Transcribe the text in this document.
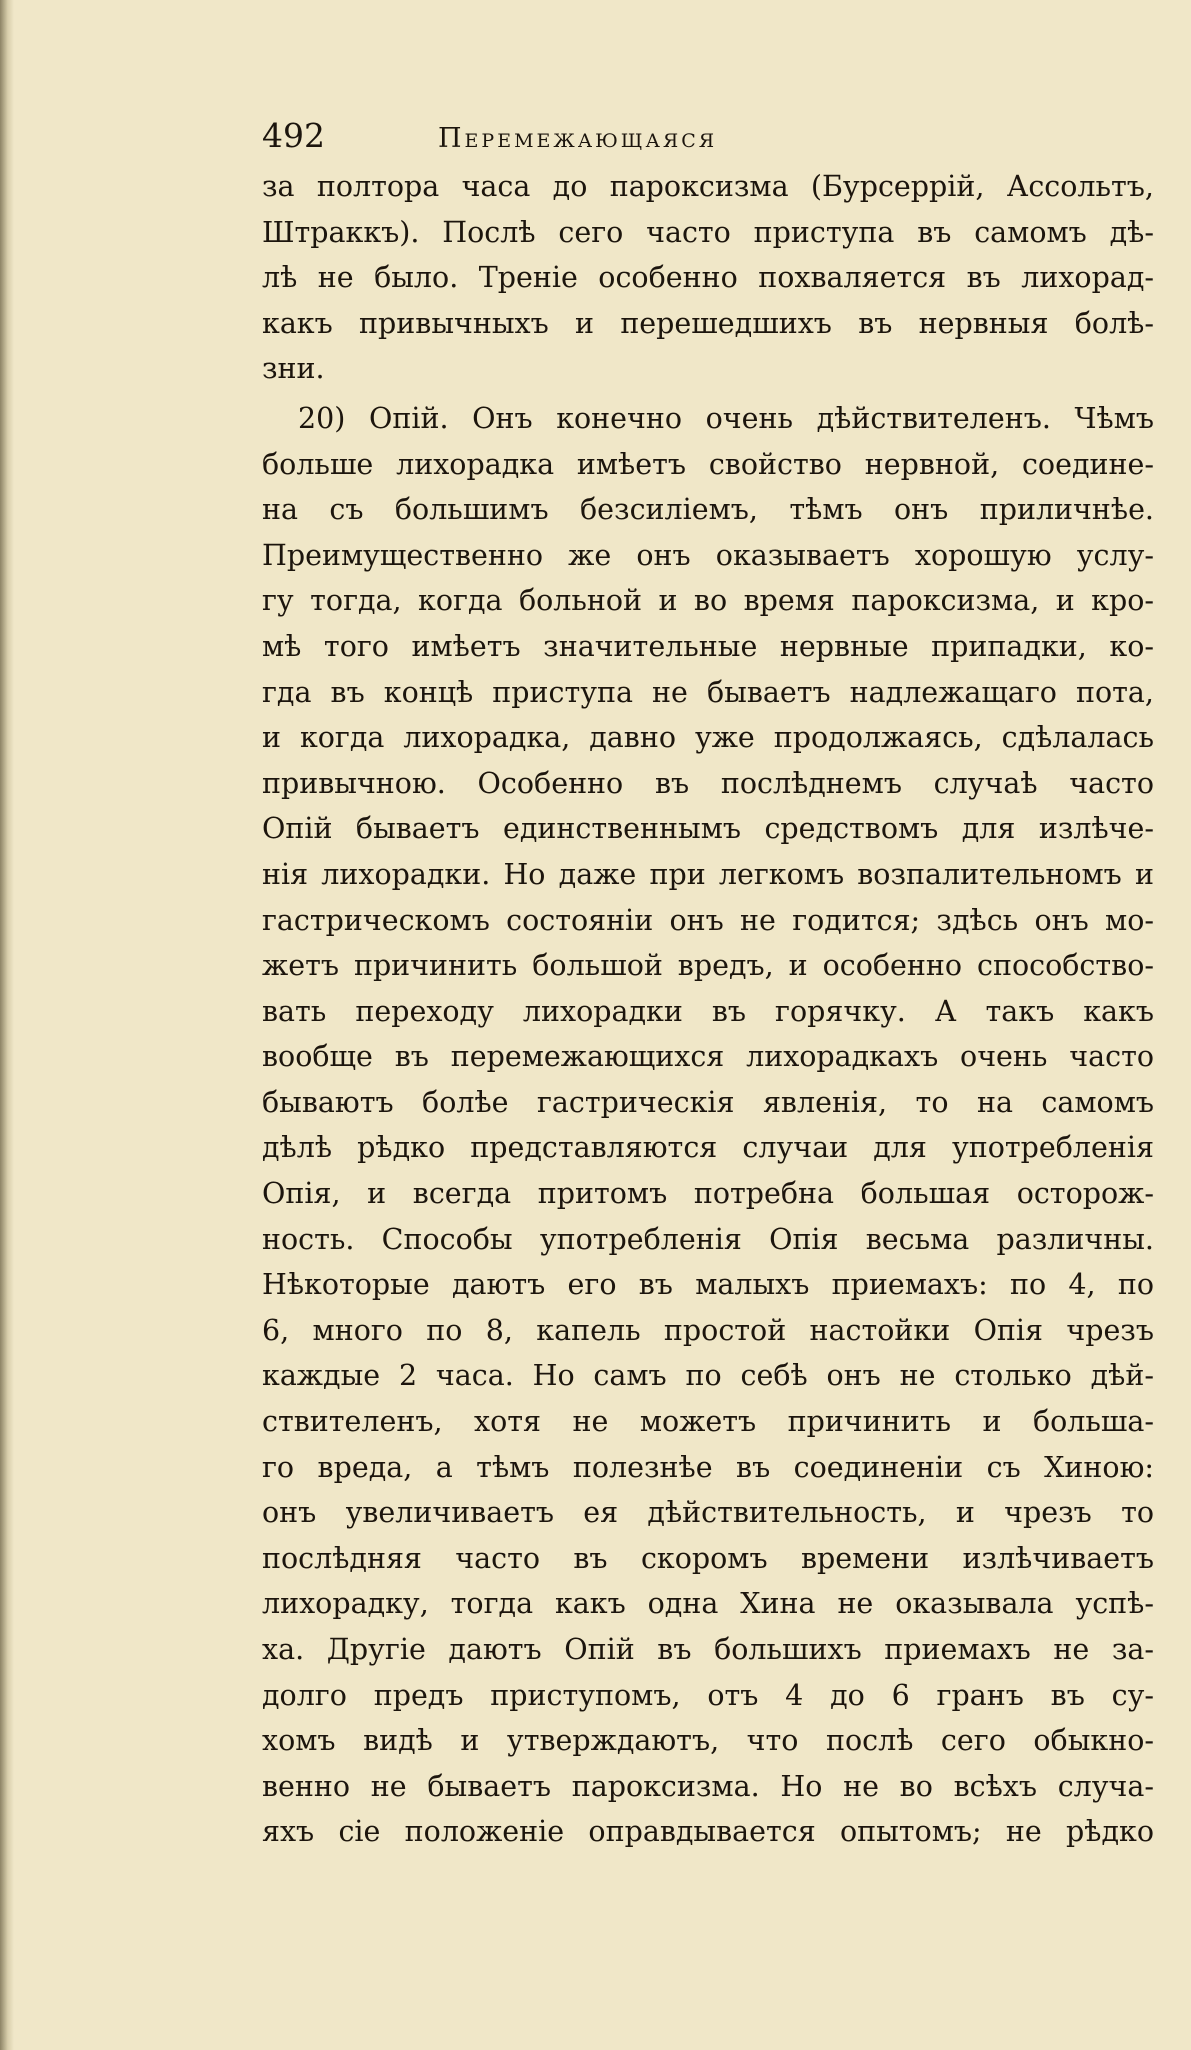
492	Перемежающаяся

за полтора часа до пароксизма (Бурсеррій, Ассольтъ,

Штраккъ). Послѣ сего часто приступа въ самомъ дѣ-

лѣ не было. Треніе особенно похваляется въ лихорад-

какъ привычныхъ и перешедшихъ въ нервныя болѣ-

зни.

20) Опій. Онъ конечно очень дѣйствителенъ. Чѣмъ

больше лихорадка имѣетъ свойство нервной, соедине-

на съ большимъ безсиліемъ, тѣмъ онъ приличнѣе.

Преимущественно же онъ оказываетъ хорошую услу-

гу тогда, когда больной и во время пароксизма, и кро-

мѣ того имѣетъ значительные нервные припадки, ко-

гда въ концѣ приступа не бываетъ надлежащаго пота,

и когда лихорадка, давно уже продолжаясь, сдѣлалась

привычною. Особенно въ послѣднемъ случаѣ часто

Опій бываетъ единственнымъ средствомъ для излѣче-

нія лихорадки. Но даже при легкомъ возпалительномъ и

гастрическомъ состояніи онъ не годится; здѣсь онъ мо-

жетъ причинить большой вредъ, и особенно способство-

вать переходу лихорадки въ горячку. А такъ какъ

вообще въ перемежающихся лихорадкахъ очень часто

бываютъ болѣе гастрическія явленія, то на самомъ

дѣлѣ рѣдко представляются случаи для употребленія

Опія, и всегда притомъ потребна большая осторож-

ность. Способы употребленія Опія весьма различны.

Нѣкоторые даютъ его въ малыхъ приемахъ: по 4, по

6, много по 8, капель простой настойки Опія чрезъ

каждые 2 часа. Но самъ по себѣ онъ не столько дѣй-

ствителенъ, хотя не можетъ причинить и большa-

го вреда, а тѣмъ полезнѣе въ соединеніи съ Хиною:

онъ увеличиваетъ ея дѣйствительность, и чрезъ то

послѣдняя часто въ скоромъ времени излѣчиваетъ

лихорадку, тогда какъ одна Хина не оказывала успѣ-

ха. Другіе даютъ Опій въ большихъ приемахъ не за-

долго предъ приступомъ, отъ 4 до 6 гранъ въ су-

хомъ видѣ и утверждаютъ, что послѣ сего обыкно-

венно не бываетъ пароксизма. Но не во всѣхъ случа-

яхъ сіе положеніе оправдывается опытомъ; не рѣдко
